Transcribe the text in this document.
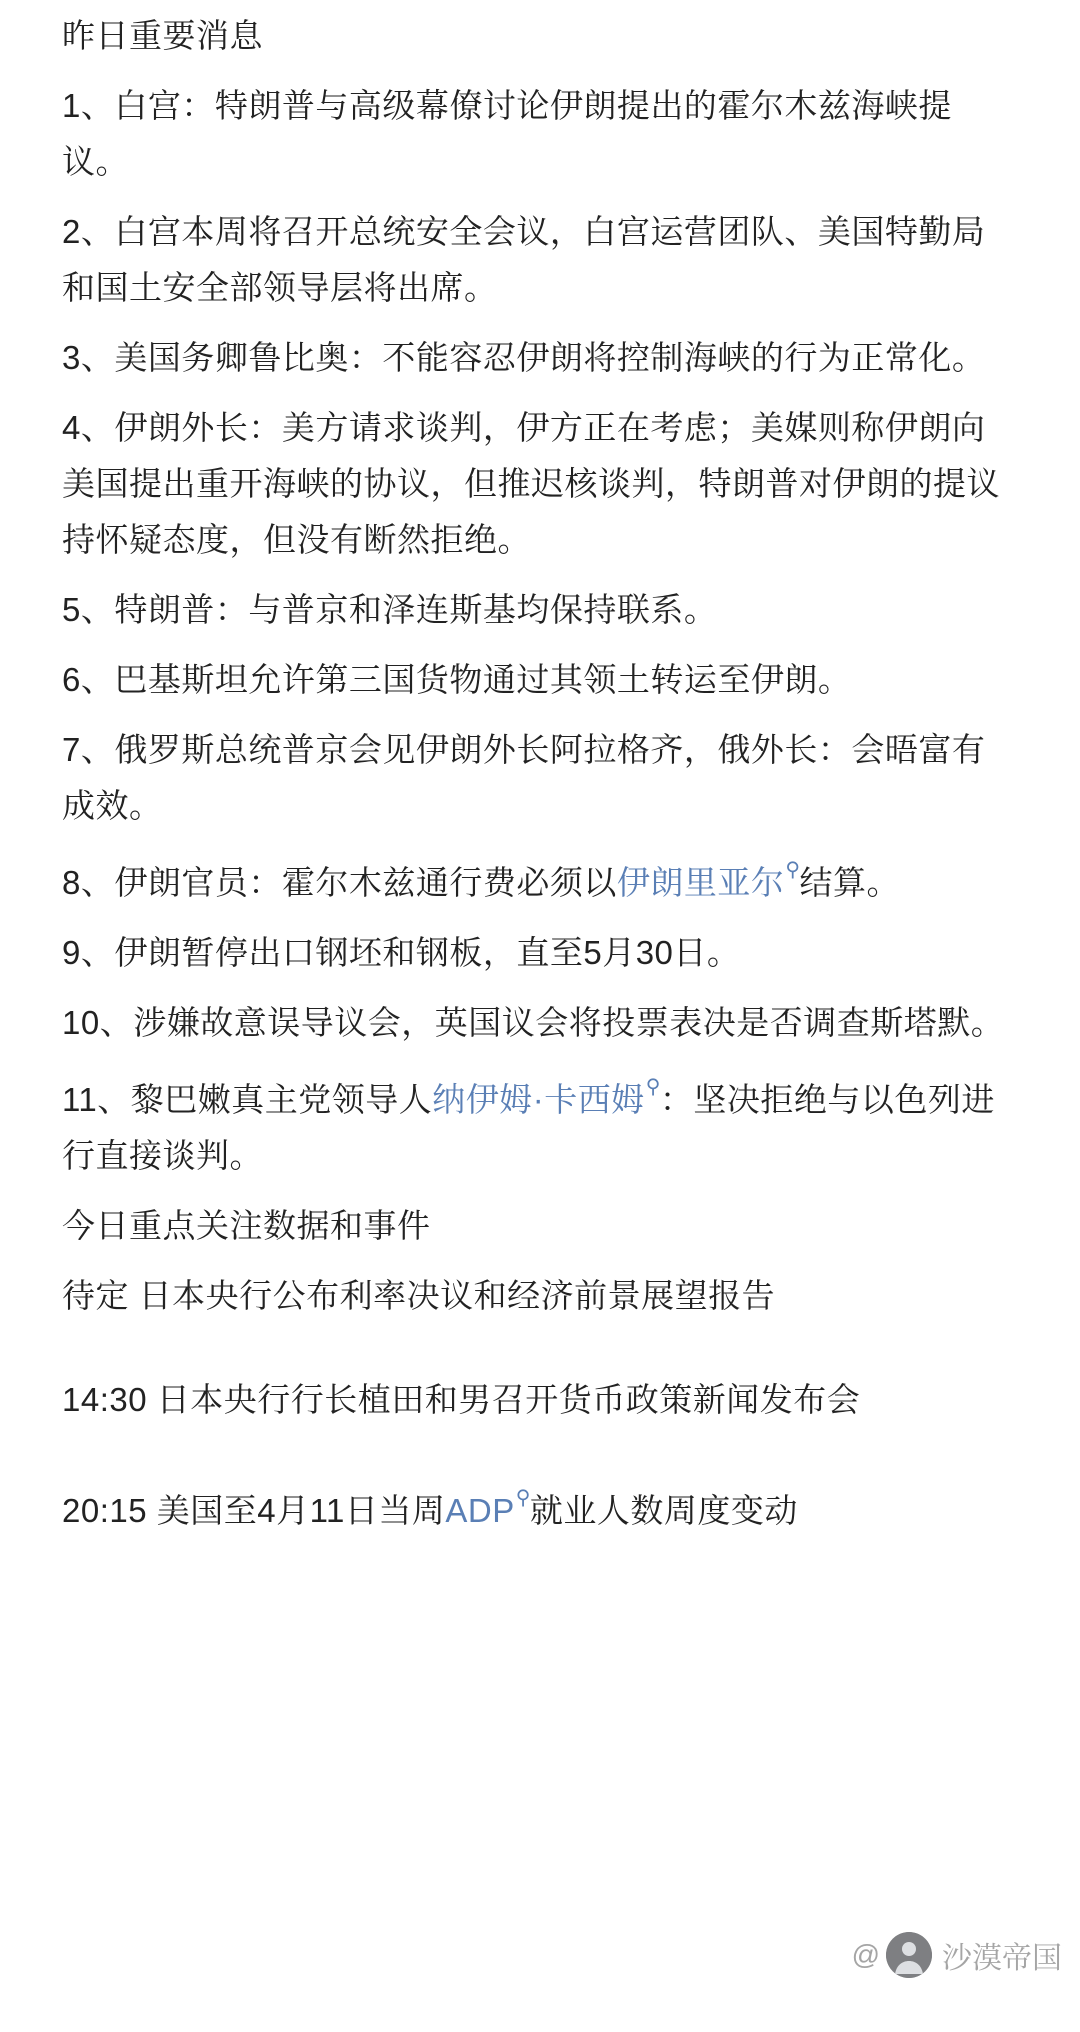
昨日重要消息

1、白宫：特朗普与高级幕僚讨论伊朗提出的霍尔木兹海峡提议。

2、白宫本周将召开总统安全会议，白宫运营团队、美国特勤局和国土安全部领导层将出席。

3、美国务卿鲁比奥：不能容忍伊朗将控制海峡的行为正常化。

4、伊朗外长：美方请求谈判，伊方正在考虑；美媒则称伊朗向美国提出重开海峡的协议，但推迟核谈判，特朗普对伊朗的提议持怀疑态度，但没有断然拒绝。

5、特朗普：与普京和泽连斯基均保持联系。

6、巴基斯坦允许第三国货物通过其领土转运至伊朗。

7、俄罗斯总统普京会见伊朗外长阿拉格齐，俄外长：会晤富有成效。

8、伊朗官员：霍尔木兹通行费必须以伊朗里亚尔⚲结算。

9、伊朗暂停出口钢坯和钢板，直至5月30日。

10、涉嫌故意误导议会，英国议会将投票表决是否调查斯塔默。

11、黎巴嫩真主党领导人纳伊姆·卡西姆⚲：坚决拒绝与以色列进行直接谈判。

今日重点关注数据和事件

待定 日本央行公布利率决议和经济前景展望报告

14:30 日本央行行长植田和男召开货币政策新闻发布会

20:15 美国至4月11日当周ADP⚲就业人数周度变动

@ 沙漠帝国
